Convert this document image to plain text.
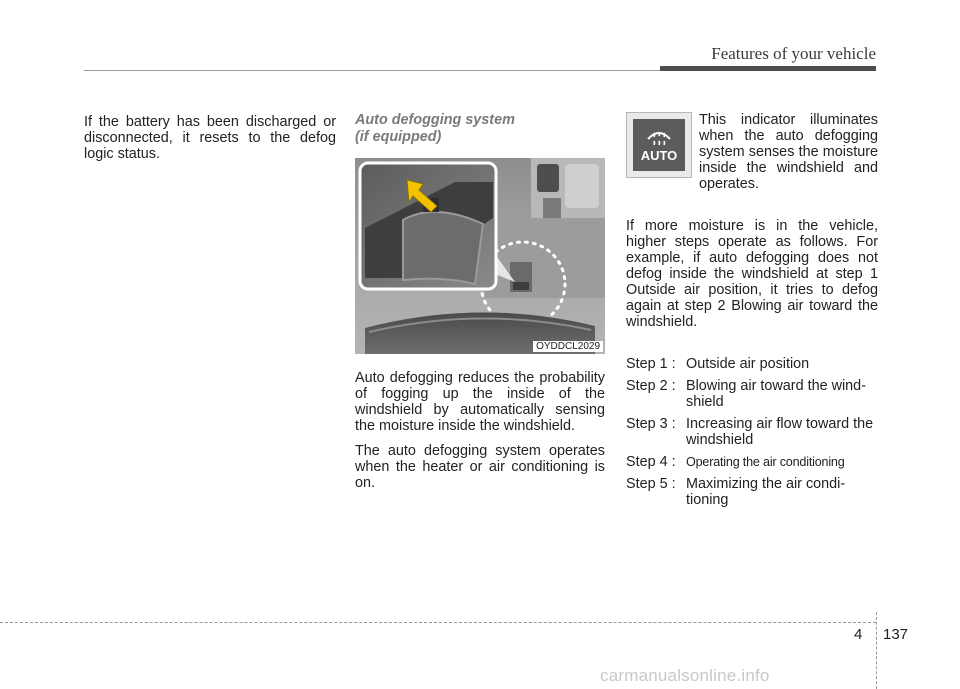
Features of your vehicle

If the battery has been discharged or disconnected, it resets to the defog logic status.

Auto defogging system
(if equipped)

OYDDCL2029

Auto defogging reduces the probability of fogging up the inside of the windshield by automatically sensing the moisture inside the windshield.

The auto defogging system operates when the heater or air conditioning is on.

AUTO

This indicator illuminates when the auto defogging system senses the moisture inside the windshield and operates.

If more moisture is in the vehicle, higher steps operate as follows. For example, if auto defogging does not defog inside the windshield at step 1 Outside air position, it tries to defog again at step 2 Blowing air toward the windshield.

Step 1 : Outside air position
Step 2 : Blowing air toward the windshield
Step 3 : Increasing air flow toward the windshield
Step 4 : Operating the air conditioning
Step 5 : Maximizing the air conditioning
4 137
carmanualsonline.info
